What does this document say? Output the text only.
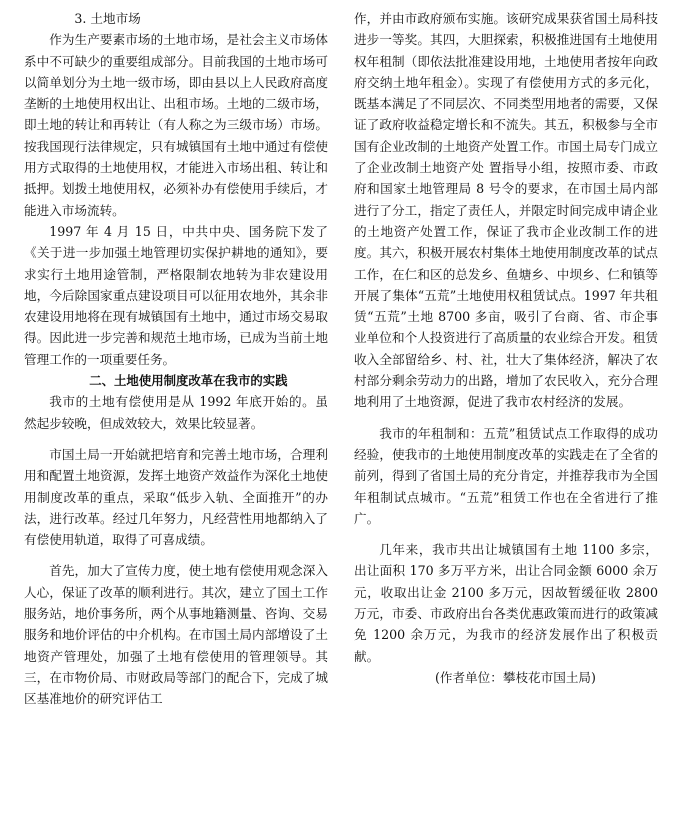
3. 土地市场

作为生产要素市场的土地市场，是社会主义市场体系中不可缺少的重要组成部分。目前我国的土地市场可以简单划分为土地一级市场，即由县以上人民政府高度垄断的土地使用权出让、出租市场。土地的二级市场，即土地的转让和再转让（有人称之为三级市场）市场。按我国现行法律规定，只有城镇国有土地中通过有偿使用方式取得的土地使用权，才能进入市场出租、转让和抵押。划拨土地使用权，必须补办有偿使用手续后，才能进入市场流转。

1997 年 4 月 15 日，中共中央、国务院下发了《关于进一步加强土地管理切实保护耕地的通知》，要求实行土地用途管制，严格限制农地转为非农建设用地，今后除国家重点建设项目可以征用农地外，其余非农建设用地将在现有城镇国有土地中，通过市场交易取得。因此进一步完善和规范土地市场，已成为当前土地管理工作的一项重要任务。

二、土地使用制度改革在我市的实践

我市的土地有偿使用是从 1992 年底开始的。虽然起步较晚，但成效较大，效果比较显著。

市国土局一开始就把培育和完善土地市场，合理利用和配置土地资源，发挥土地资产效益作为深化土地使用制度改革的重点，采取“低步入轨、全面推开”的办法，进行改革。经过几年努力，凡经营性用地都纳入了有偿使用轨道，取得了可喜成绩。

首先，加大了宣传力度，使土地有偿使用观念深入人心，保证了改革的顺利进行。其次，建立了国土工作服务站，地价事务所，两个从事地籍测量、咨询、交易服务和地价评估的中介机构。在市国土局内部增设了土地资产管理处，加强了土地有偿使用的管理领导。其三，在市物价局、市财政局等部门的配合下，完成了城区基准地价的研究评估工

作，并由市政府颁布实施。该研究成果获省国土局科技进步一等奖。其四，大胆探索，积极推进国有土地使用权年租制（即依法批准建设用地，土地使用者按年向政府交纳土地年租金）。实现了有偿使用方式的多元化，既基本满足了不同层次、不同类型用地者的需要，又保证了政府收益稳定增长和不流失。其五，积极参与全市国有企业改制的土地资产处置工作。市国土局专门成立了企业改制土地资产处 置指导小组，按照市委、市政府和国家土地管理局 8 号令的要求，在市国土局内部进行了分工，指定了责任人，并限定时间完成申请企业的土地资产处置工作，保证了我市企业改制工作的进度。其六，积极开展农村集体土地使用制度改革的试点工作，在仁和区的总发乡、鱼塘乡、中坝乡、仁和镇等开展了集体“五荒”土地使用权租赁试点。1997 年共租赁“五荒”土地 8700 多亩，吸引了台商、省、市企事业单位和个人投资进行了高质量的农业综合开发。租赁收入全部留给乡、村、社，壮大了集体经济，解决了农村部分剩余劳动力的出路，增加了农民收入，充分合理地利用了土地资源，促进了我市农村经济的发展。

我市的年租制和：五荒”租赁试点工作取得的成功经验，使我市的土地使用制度改革的实践走在了全省的前列，得到了省国土局的充分肯定，并推荐我市为全国年租制试点城市。“五荒”租赁工作也在全省进行了推广。

几年来，我市共出让城镇国有土地 1100 多宗，出让面积 170 多万平方米，出让合同金额 6000 余万元，收取出让金 2100 多万元，因故暂缓征收 2800 万元，市委、市政府出台各类优惠政策而进行的政策减免 1200 余万元，为我市的经济发展作出了积极贡献。

(作者单位：攀枝花市国土局)
